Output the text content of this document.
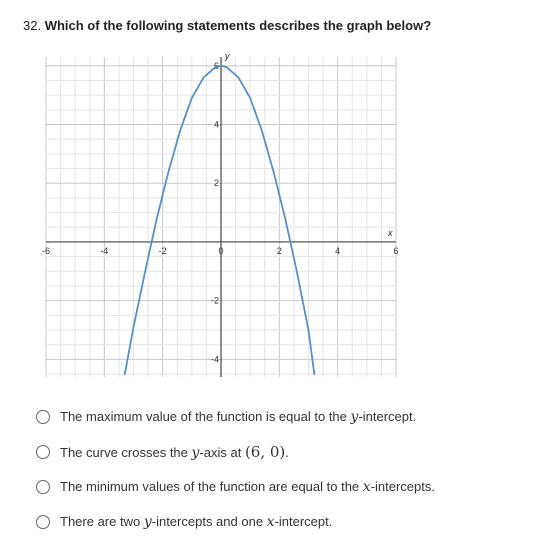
32. Which of the following statements describes the graph below?
x
y
-6	-4	-2	0	2	4	6
6
4
2
-2
-4
The maximum value of the function is equal to the y-intercept.
The curve crosses the y-axis at (6, 0).
The minimum values of the function are equal to the x-intercepts.
There are two y-intercepts and one x-intercept.
